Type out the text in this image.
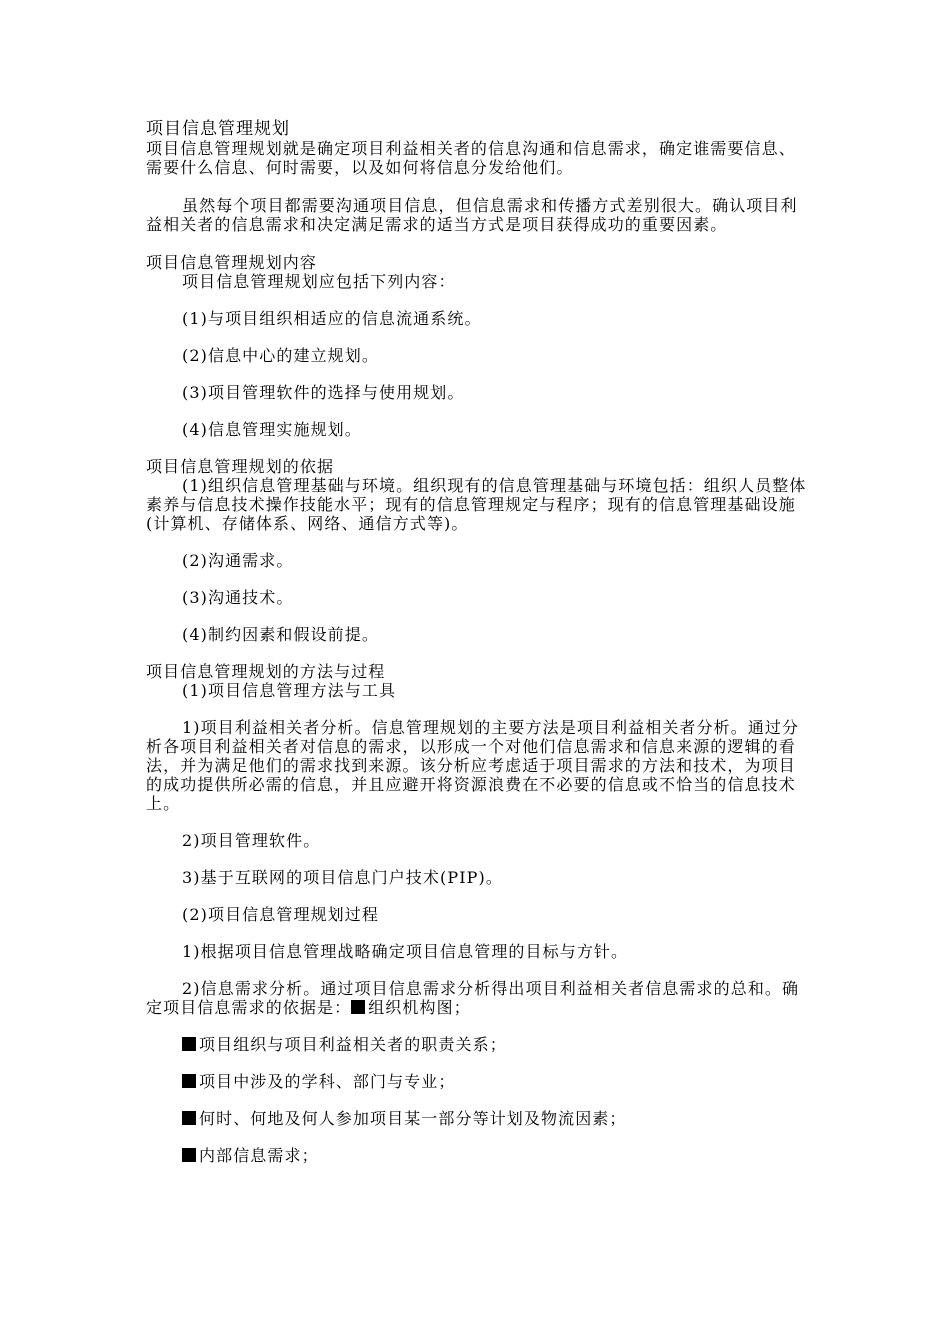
项目信息管理规划

项目信息管理规划就是确定项目利益相关者的信息沟通和信息需求，确定谁需要信息、需要什么信息、何时需要，以及如何将信息分发给他们。

虽然每个项目都需要沟通项目信息，但信息需求和传播方式差别很大。确认项目利益相关者的信息需求和决定满足需求的适当方式是项目获得成功的重要因素。

项目信息管理规划内容

项目信息管理规划应包括下列内容：

(1)与项目组织相适应的信息流通系统。

(2)信息中心的建立规划。

(3)项目管理软件的选择与使用规划。

(4)信息管理实施规划。

项目信息管理规划的依据

(1)组织信息管理基础与环境。组织现有的信息管理基础与环境包括：组织人员整体素养与信息技术操作技能水平；现有的信息管理规定与程序；现有的信息管理基础设施(计算机、存储体系、网络、通信方式等)。

(2)沟通需求。

(3)沟通技术。

(4)制约因素和假设前提。

项目信息管理规划的方法与过程

(1)项目信息管理方法与工具

1)项目利益相关者分析。信息管理规划的主要方法是项目利益相关者分析。通过分析各项目利益相关者对信息的需求，以形成一个对他们信息需求和信息来源的逻辑的看法，并为满足他们的需求找到来源。该分析应考虑适于项目需求的方法和技术，为项目的成功提供所必需的信息，并且应避开将资源浪费在不必要的信息或不恰当的信息技术上。

2)项目管理软件。

3)基于互联网的项目信息门户技术(PIP)。

(2)项目信息管理规划过程

1)根据项目信息管理战略确定项目信息管理的目标与方针。

2)信息需求分析。通过项目信息需求分析得出项目利益相关者信息需求的总和。确定项目信息需求的依据是： 组织机构图；

项目组织与项目利益相关者的职责关系；

项目中涉及的学科、部门与专业；

何时、何地及何人参加项目某一部分等计划及物流因素；

内部信息需求；
